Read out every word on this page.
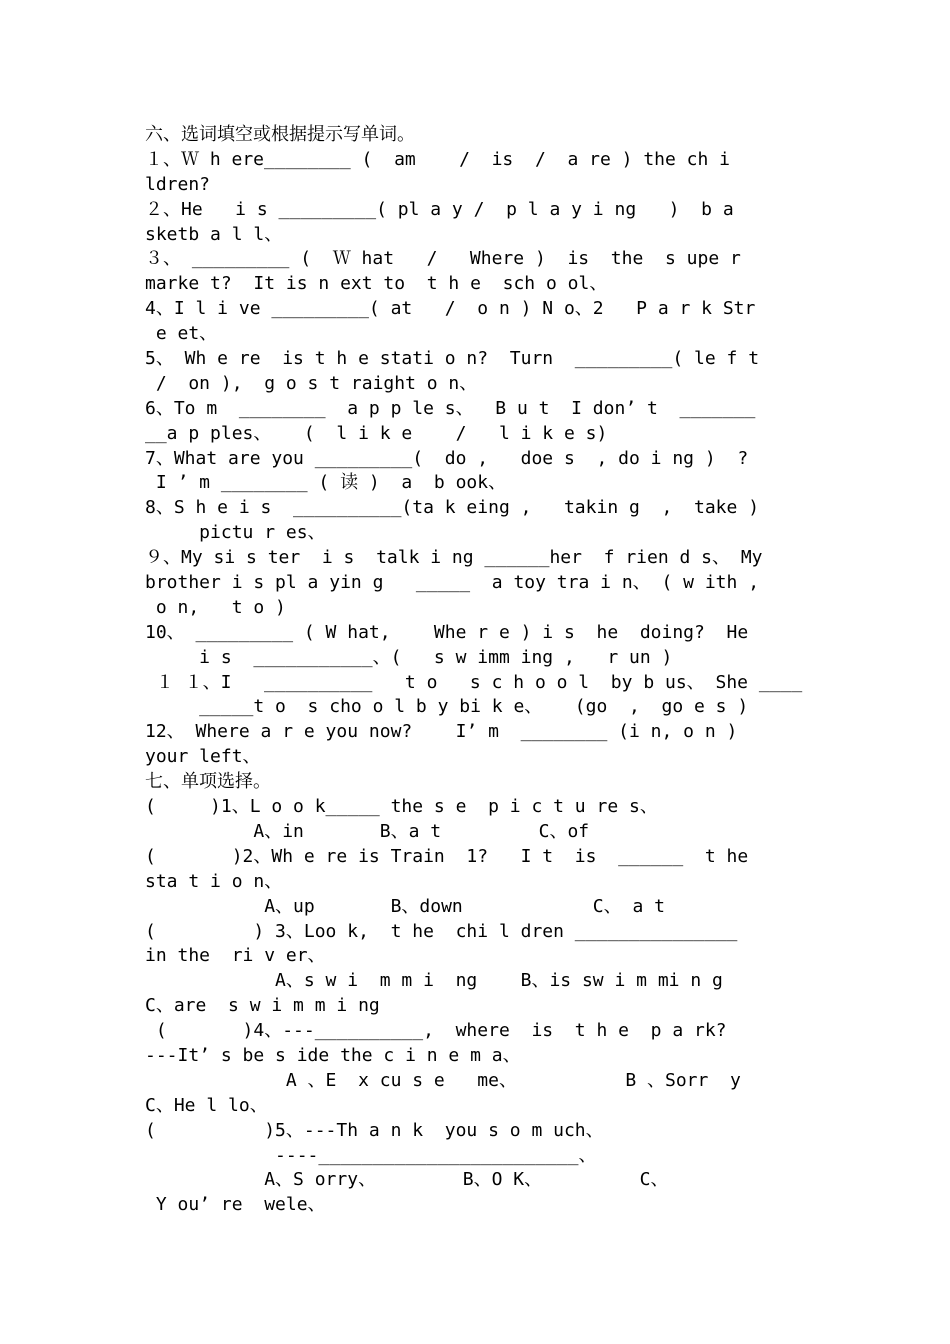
六、选词填空或根据提示写单词。
１、Ｗ h ere________ (  am    /  is  /  a re ) the ch i
ldren?
２、He   i s _________( pl a y /  p l a y i ng   )  b a
sketb a l l、
３、 _________ (  Ｗ hat   /   Where )  is  the  s upe r
marke t?  It is n ext to  t h e  sch o ol、
4、I l i ve _________( at   /  o n ) N o、2   P a r k Str
e et、
5、 Wh e re  is t h e stati o n?  Turn  _________( le f t
/  on ),  g o s t raight o n、
6、To m  ________  a p p le s、  B u t  I don’ t  _______
__a p ples、   (  l i k e    /   l i k e s)
7、What are you _________(  do ,   doe s  , do i ng )  ?
I ’ m ________ ( 读 )  a  b ook、
8、S h e i s  __________(ta k eing ,   takin g  ,  take )
pictu r es、
９、My si s ter  i s  talk i ng ______her  f rien d s、 My
brother i s pl a yin g   _____  a toy tra i n、 ( w ith ,
o n,   t o )
10、 _________ ( W hat,    Whe r e ) i s  he  doing?  He
i s  ___________、(   s w imm ing ,   r un )
１ １、I   __________   t o   s c h o o l  by b us、 She ____
_____t o  s cho o l b y bi k e、   (go  ,  go e s )
12、 Where a r e you now?    I’ m  ________ (i n, o n )
your left、
七、单项选择。
(     )1、L o o k_____ the s e  p i c t u re s、
A、in       B、a t         C、of
(       )2、Wh e re is Train  1?   I t  is  ______  t he
sta t i o n、
A、up       B、down            C、 a t
(         ) 3、Loo k,  t he  chi l dren _______________
in the  ri v er、
A、s w i  m m i  ng    B、is sw i m mi n g
C、are  s w i m m i ng
(       )4、---__________,  where  is  t h e  p a rk?
---It’ s be s ide the c i n e m a、
A 、E  x cu s e   me、          B 、Sorr  y
C、He l lo、
(          )5、---Th a n k  you s o m uch、
----________________________、
A、S orry、        B、O K、         C、
Y ou’ re  wele、
